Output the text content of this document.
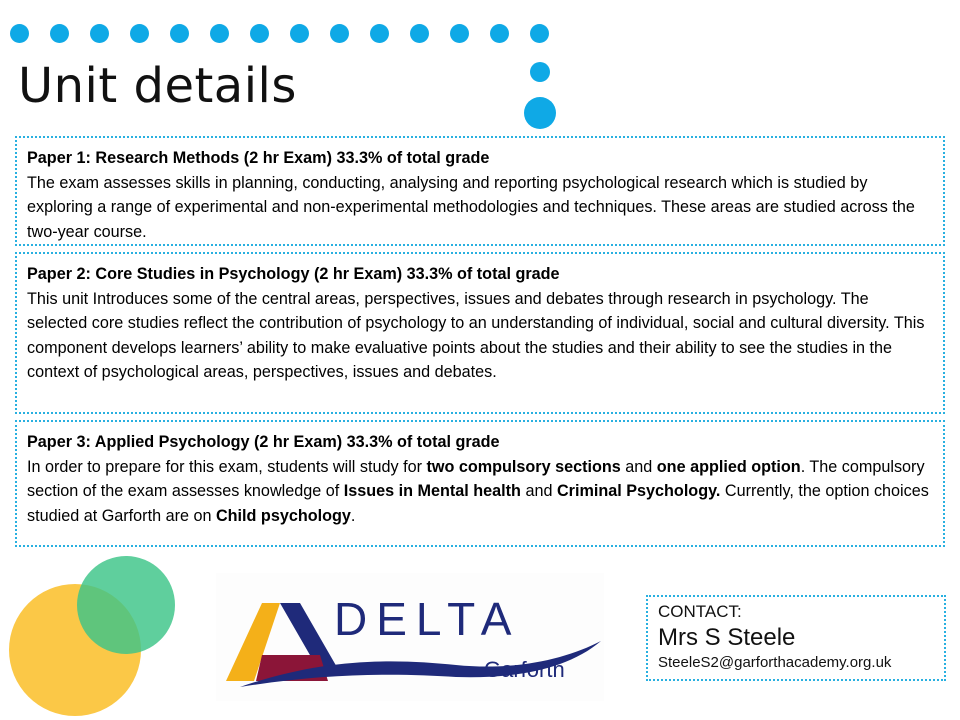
Unit details
Paper 1: Research Methods (2 hr Exam) 33.3% of total grade
The exam assesses skills in planning, conducting, analysing and reporting psychological research which is studied by exploring a range of experimental and non-experimental methodologies and techniques. These areas are studied across the two-year course.
Paper 2: Core Studies in Psychology (2 hr Exam) 33.3% of total grade
This unit Introduces some of the central areas, perspectives, issues and debates through research in psychology. The selected core studies reflect the contribution of psychology to an understanding of individual, social and cultural diversity. This component develops learners’ ability to make evaluative points about the studies and their ability to see the studies in the context of psychological areas, perspectives, issues and debates.
Paper 3: Applied Psychology (2 hr Exam) 33.3% of total grade
In order to prepare for this exam, students will study for two compulsory sections and one applied option. The compulsory section of the exam assesses knowledge of Issues in Mental health and Criminal Psychology. Currently, the option choices studied at Garforth are on Child psychology.
DELTA
Garforth
CONTACT:
Mrs S Steele
SteeleS2@garforthacademy.org.uk
